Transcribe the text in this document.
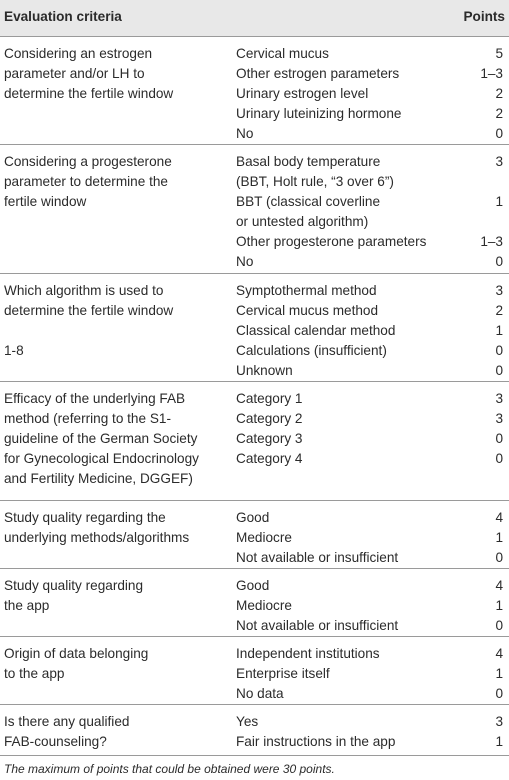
Evaluation criteria	Points
Considering an estrogen
parameter and/or LH to
determine the fertile window
Cervical mucus
Other estrogen parameters
Urinary estrogen level
Urinary luteinizing hormone
No
5
1–3
2
2
0
Considering a progesterone
parameter to determine the
fertile window
Basal body temperature
(BBT, Holt rule, “3 over 6”)
BBT (classical coverline
or untested algorithm)
Other progesterone parameters
No
3
1
1–3
0
Which algorithm is used to
determine the fertile window
1-8
Symptothermal method
Cervical mucus method
Classical calendar method
Calculations (insufficient)
Unknown
3
2
1
0
0
Efficacy of the underlying FAB
method (referring to the S1-
guideline of the German Society
for Gynecological Endocrinology
and Fertility Medicine, DGGEF)
Category 1
Category 2
Category 3
Category 4
3
3
0
0
Study quality regarding the
underlying methods/algorithms
Good
Mediocre
Not available or insufficient
4
1
0
Study quality regarding
the app
Good
Mediocre
Not available or insufficient
4
1
0
Origin of data belonging
to the app
Independent institutions
Enterprise itself
No data
4
1
0
Is there any qualified
FAB-counseling?
Yes
Fair instructions in the app
3
1
The maximum of points that could be obtained were 30 points.
